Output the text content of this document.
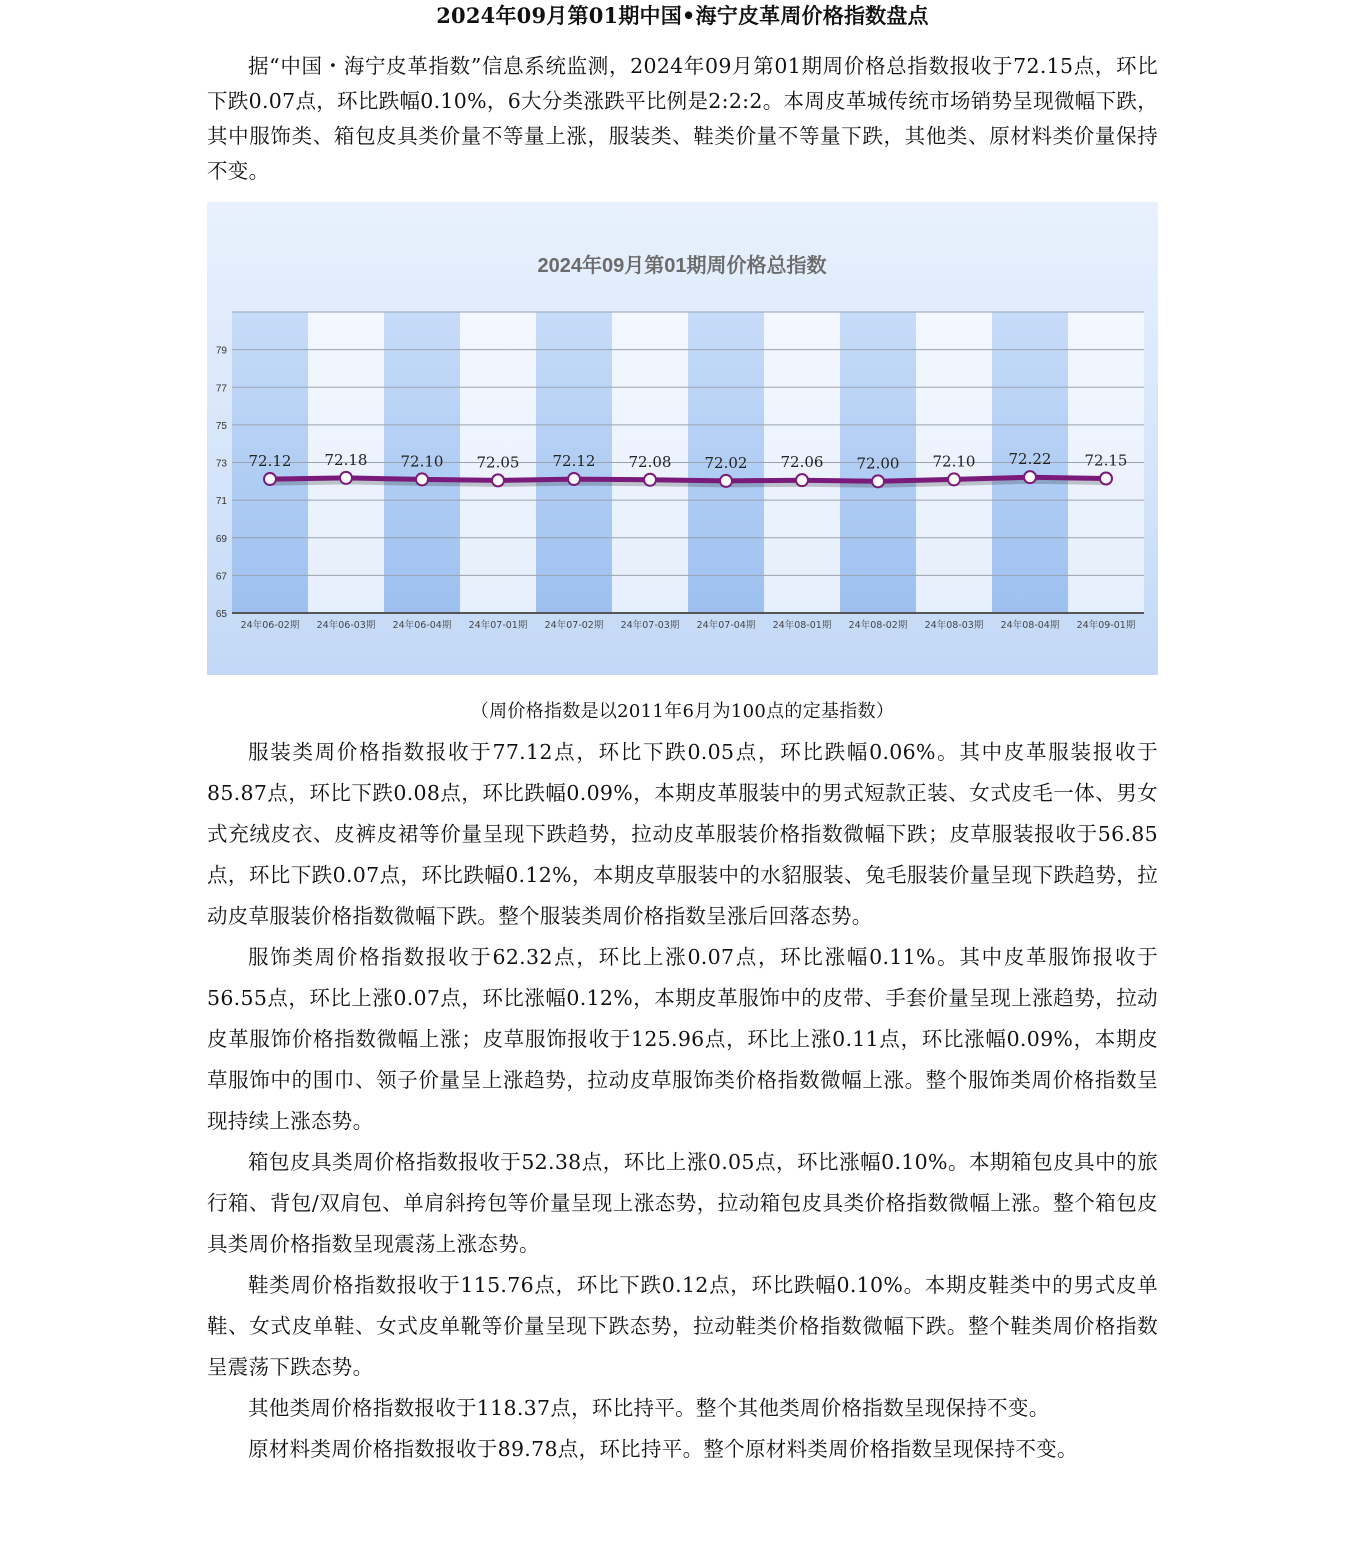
2024年09月第01期中国•海宁皮革周价格指数盘点

据“中国・海宁皮革指数”信息系统监测，2024年09月第01期周价格总指数报收于72.15点，环比下跌0.07点，环比跌幅0.10%，6大分类涨跌平比例是2:2:2。本周皮革城传统市场销势呈现微幅下跌，其中服饰类、箱包皮具类价量不等量上涨，服装类、鞋类价量不等量下跌，其他类、原材料类价量保持不变。

65
67
69
71
73
75
77
79
24年06-02期 24年06-03期 24年06-04期 24年07-01期 24年07-02期 24年07-03期 24年07-04期 24年08-01期 24年08-02期 24年08-03期 24年08-04期 24年09-01期
72.12 72.18 72.10 72.05 72.12 72.08 72.02 72.06 72.00 72.10 72.22 72.15
2024年09月第01期周价格总指数

（周价格指数是以2011年6月为100点的定基指数）

服装类周价格指数报收于77.12点，环比下跌0.05点，环比跌幅0.06%。其中皮革服装报收于85.87点，环比下跌0.08点，环比跌幅0.09%，本期皮革服装中的男式短款正装、女式皮毛一体、男女式充绒皮衣、皮裤皮裙等价量呈现下跌趋势，拉动皮革服装价格指数微幅下跌；皮草服装报收于56.85点，环比下跌0.07点，环比跌幅0.12%，本期皮草服装中的水貂服装、兔毛服装价量呈现下跌趋势，拉动皮草服装价格指数微幅下跌。整个服装类周价格指数呈涨后回落态势。

服饰类周价格指数报收于62.32点，环比上涨0.07点，环比涨幅0.11%。其中皮革服饰报收于56.55点，环比上涨0.07点，环比涨幅0.12%，本期皮革服饰中的皮带、手套价量呈现上涨趋势，拉动皮革服饰价格指数微幅上涨；皮草服饰报收于125.96点，环比上涨0.11点，环比涨幅0.09%，本期皮草服饰中的围巾、领子价量呈上涨趋势，拉动皮草服饰类价格指数微幅上涨。整个服饰类周价格指数呈现持续上涨态势。

箱包皮具类周价格指数报收于52.38点，环比上涨0.05点，环比涨幅0.10%。本期箱包皮具中的旅行箱、背包/双肩包、单肩斜挎包等价量呈现上涨态势，拉动箱包皮具类价格指数微幅上涨。整个箱包皮具类周价格指数呈现震荡上涨态势。

鞋类周价格指数报收于115.76点，环比下跌0.12点，环比跌幅0.10%。本期皮鞋类中的男式皮单鞋、女式皮单鞋、女式皮单靴等价量呈现下跌态势，拉动鞋类价格指数微幅下跌。整个鞋类周价格指数呈震荡下跌态势。

其他类周价格指数报收于118.37点，环比持平。整个其他类周价格指数呈现保持不变。

原材料类周价格指数报收于89.78点，环比持平。整个原材料类周价格指数呈现保持不变。
